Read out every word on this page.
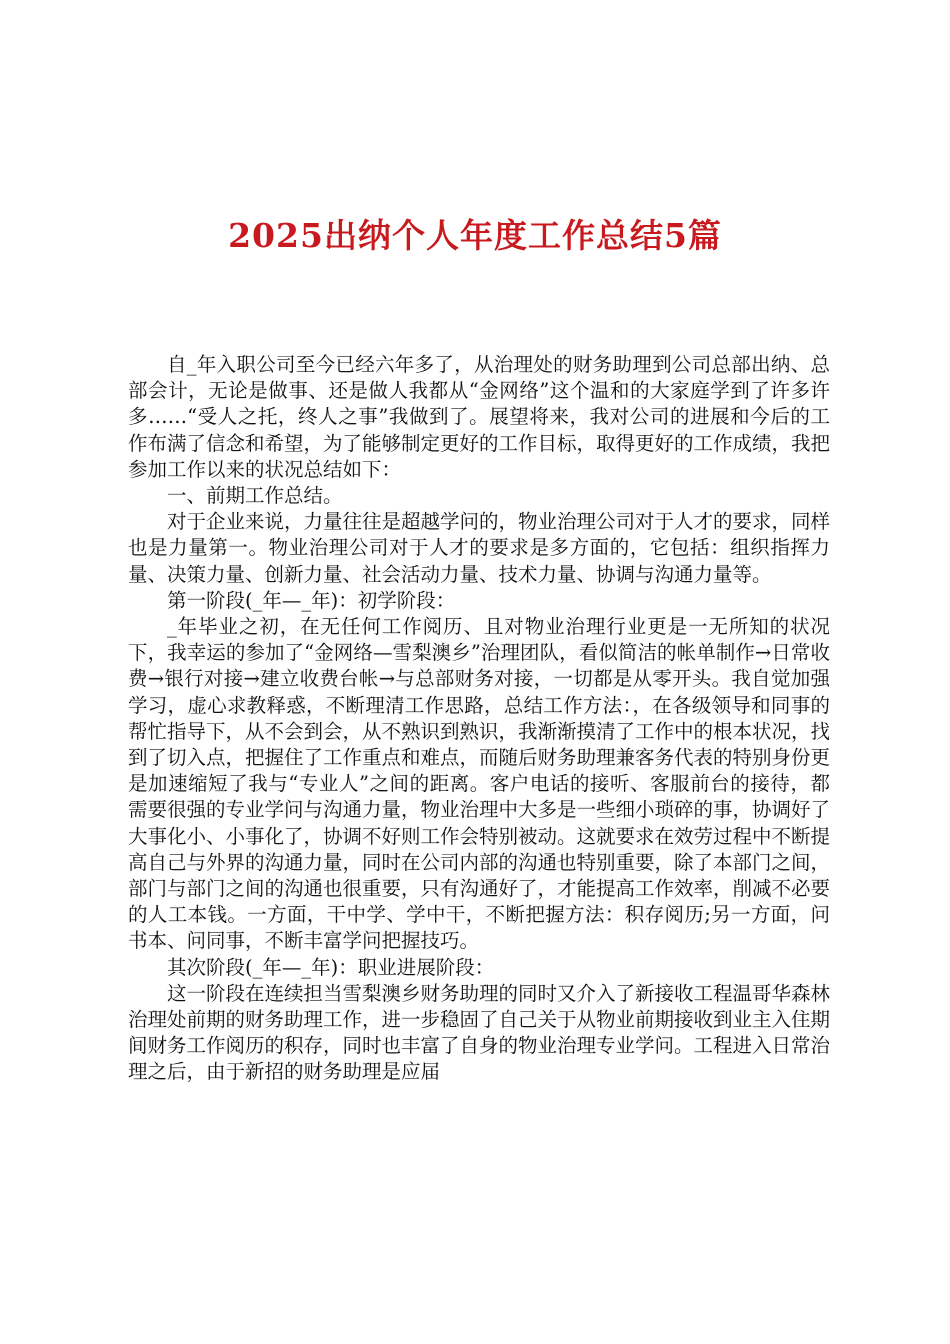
2025出纳个人年度工作总结5篇

自_年入职公司至今已经六年多了，从治理处的财务助理到公司总部出纳、总部会计，无论是做事、还是做人我都从“金网络”这个温和的大家庭学到了许多许多……“受人之托，终人之事”我做到了。展望将来，我对公司的进展和今后的工作布满了信念和希望，为了能够制定更好的工作目标，取得更好的工作成绩，我把参加工作以来的状况总结如下：

一、前期工作总结。

对于企业来说，力量往往是超越学问的，物业治理公司对于人才的要求，同样也是力量第一。物业治理公司对于人才的要求是多方面的，它包括：组织指挥力量、决策力量、创新力量、社会活动力量、技术力量、协调与沟通力量等。

第一阶段(_年—_年)：初学阶段：

_年毕业之初，在无任何工作阅历、且对物业治理行业更是一无所知的状况下，我幸运的参加了“金网络—雪梨澳乡”治理团队，看似简洁的帐单制作→日常收费→银行对接→建立收费台帐→与总部财务对接，一切都是从零开头。我自觉加强学习，虚心求教释惑，不断理清工作思路，总结工作方法：，在各级领导和同事的帮忙指导下，从不会到会，从不熟识到熟识，我渐渐摸清了工作中的根本状况，找到了切入点，把握住了工作重点和难点，而随后财务助理兼客务代表的特别身份更是加速缩短了我与“专业人”之间的距离。客户电话的接听、客服前台的接待，都需要很强的专业学问与沟通力量，物业治理中大多是一些细小琐碎的事，协调好了大事化小、小事化了，协调不好则工作会特别被动。这就要求在效劳过程中不断提高自己与外界的沟通力量，同时在公司内部的沟通也特别重要，除了本部门之间，部门与部门之间的沟通也很重要，只有沟通好了，才能提高工作效率，削减不必要的人工本钱。一方面，干中学、学中干，不断把握方法：积存阅历;另一方面，问书本、问同事，不断丰富学问把握技巧。

其次阶段(_年—_年)：职业进展阶段：

这一阶段在连续担当雪梨澳乡财务助理的同时又介入了新接收工程温哥华森林治理处前期的财务助理工作，进一步稳固了自己关于从物业前期接收到业主入住期间财务工作阅历的积存，同时也丰富了自身的物业治理专业学问。工程进入日常治理之后，由于新招的财务助理是应届
